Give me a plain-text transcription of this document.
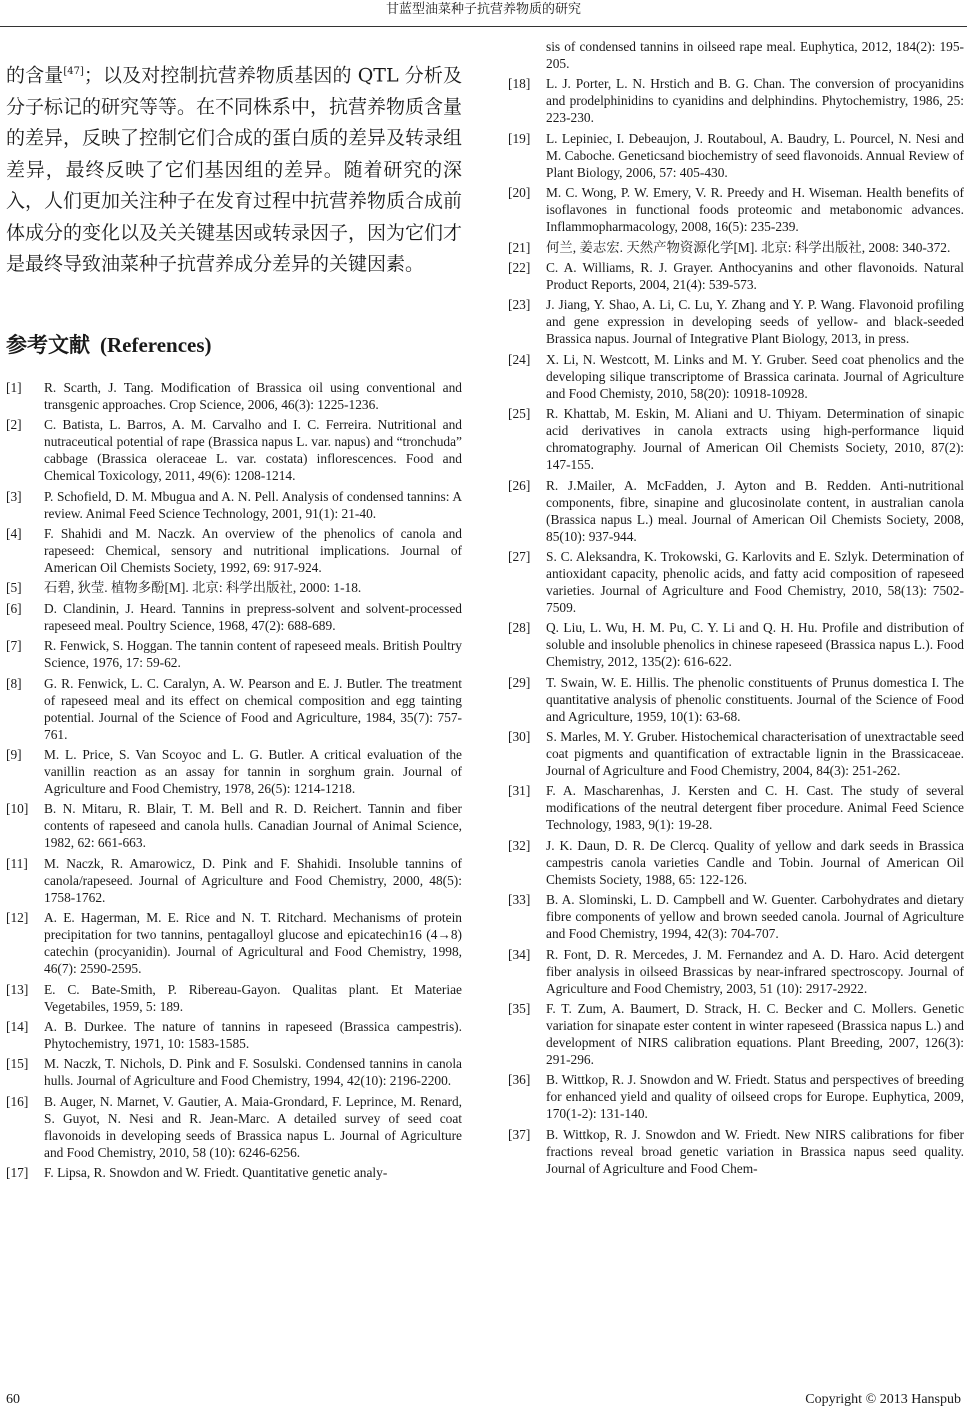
甘蓝型油菜种子抗营养物质的研究

的含量[47]；以及对控制抗营养物质基因的 QTL 分析及分子标记的研究等等。在不同株系中，抗营养物质含量的差异，反映了控制它们合成的蛋白质的差异及转录组差异，最终反映了它们基因组的差异。随着研究的深入，人们更加关注种子在发育过程中抗营养物质合成前体成分的变化以及关关键基因或转录因子，因为它们才是最终导致油菜种子抗营养成分差异的关键因素。

参考文献 (References)
[1]	R. Scarth, J. Tang. Modification of Brassica oil using conventional and transgenic approaches. Crop Science, 2006, 46(3): 1225-1236.
[2]	C. Batista, L. Barros, A. M. Carvalho and I. C. Ferreira. Nutritional and nutraceutical potential of rape (Brassica napus L. var. napus) and “tronchuda” cabbage (Brassica oleraceae L. var. costata) inflorescences. Food and Chemical Toxicology, 2011, 49(6): 1208-1214.
[3]	P. Schofield, D. M. Mbugua and A. N. Pell. Analysis of condensed tannins: A review. Animal Feed Science Technology, 2001, 91(1): 21-40.
[4]	F. Shahidi and M. Naczk. An overview of the phenolics of canola and rapeseed: Chemical, sensory and nutritional implications. Journal of American Oil Chemists Society, 1992, 69: 917-924.
[5]	石碧, 狄莹. 植物多酚[M]. 北京: 科学出版社, 2000: 1-18.
[6]	D. Clandinin, J. Heard. Tannins in prepress-solvent and solvent-processed rapeseed meal. Poultry Science, 1968, 47(2): 688-689.
[7]	R. Fenwick, S. Hoggan. The tannin content of rapeseed meals. British Poultry Science, 1976, 17: 59-62.
[8]	G. R. Fenwick, L. C. Caralyn, A. W. Pearson and E. J. Butler. The treatment of rapeseed meal and its effect on chemical composition and egg tainting potential. Journal of the Science of Food and Agriculture, 1984, 35(7): 757-761.
[9]	M. L. Price, S. Van Scoyoc and L. G. Butler. A critical evaluation of the vanillin reaction as an assay for tannin in sorghum grain. Journal of Agriculture and Food Chemistry, 1978, 26(5): 1214-1218.
[10]	B. N. Mitaru, R. Blair, T. M. Bell and R. D. Reichert. Tannin and fiber contents of rapeseed and canola hulls. Canadian Journal of Animal Science, 1982, 62: 661-663.
[11]	M. Naczk, R. Amarowicz, D. Pink and F. Shahidi. Insoluble tannins of canola/rapeseed. Journal of Agriculture and Food Chemistry, 2000, 48(5): 1758-1762.
[12]	A. E. Hagerman, M. E. Rice and N. T. Ritchard. Mechanisms of protein precipitation for two tannins, pentagalloyl glucose and epicatechin16 (4→8) catechin (procyanidin). Journal of Agricultural and Food Chemistry, 1998, 46(7): 2590-2595.
[13]	E. C. Bate-Smith, P. Ribereau-Gayon. Qualitas plant. Et Materiae Vegetabiles, 1959, 5: 189.
[14]	A. B. Durkee. The nature of tannins in rapeseed (Brassica campestris). Phytochemistry, 1971, 10: 1583-1585.
[15]	M. Naczk, T. Nichols, D. Pink and F. Sosulski. Condensed tannins in canola hulls. Journal of Agriculture and Food Chemistry, 1994, 42(10): 2196-2200.
[16]	B. Auger, N. Marnet, V. Gautier, A. Maia-Grondard, F. Leprince, M. Renard, S. Guyot, N. Nesi and R. Jean-Marc. A detailed survey of seed coat flavonoids in developing seeds of Brassica napus L. Journal of Agriculture and Food Chemistry, 2010, 58 (10): 6246-6256.
[17]	F. Lipsa, R. Snowdon and W. Friedt. Quantitative genetic analy-
sis of condensed tannins in oilseed rape meal. Euphytica, 2012, 184(2): 195-205.
[18]	L. J. Porter, L. N. Hrstich and B. G. Chan. The conversion of procyanidins and prodelphinidins to cyanidins and delphindins. Phytochemistry, 1986, 25: 223-230.
[19]	L. Lepiniec, I. Debeaujon, J. Routaboul, A. Baudry, L. Pourcel, N. Nesi and M. Caboche. Geneticsand biochemistry of seed flavonoids. Annual Review of Plant Biology, 2006, 57: 405-430.
[20]	M. C. Wong, P. W. Emery, V. R. Preedy and H. Wiseman. Health benefits of isoflavones in functional foods proteomic and metabonomic advances. Inflammopharmacology, 2008, 16(5): 235-239.
[21]	何兰, 姜志宏. 天然产物资源化学[M]. 北京: 科学出版社, 2008: 340-372.
[22]	C. A. Williams, R. J. Grayer. Anthocyanins and other flavonoids. Natural Product Reports, 2004, 21(4): 539-573.
[23]	J. Jiang, Y. Shao, A. Li, C. Lu, Y. Zhang and Y. P. Wang. Flavonoid profiling and gene expression in developing seeds of yellow- and black-seeded Brassica napus. Journal of Integrative Plant Biology, 2013, in press.
[24]	X. Li, N. Westcott, M. Links and M. Y. Gruber. Seed coat phenolics and the developing silique transcriptome of Brassica carinata. Journal of Agriculture and Food Chemisty, 2010, 58(20): 10918-10928.
[25]	R. Khattab, M. Eskin, M. Aliani and U. Thiyam. Determination of sinapic acid derivatives in canola extracts using high-performance liquid chromatography. Journal of American Oil Chemists Society, 2010, 87(2): 147-155.
[26]	R. J.Mailer, A. McFadden, J. Ayton and B. Redden. Anti-nutritional components, fibre, sinapine and glucosinolate content, in australian canola (Brassica napus L.) meal. Journal of American Oil Chemists Society, 2008, 85(10): 937-944.
[27]	S. C. Aleksandra, K. Trokowski, G. Karlovits and E. Szlyk. Determination of antioxidant capacity, phenolic acids, and fatty acid composition of rapeseed varieties. Journal of Agriculture and Food Chemistry, 2010, 58(13): 7502-7509.
[28]	Q. Liu, L. Wu, H. M. Pu, C. Y. Li and Q. H. Hu. Profile and distribution of soluble and insoluble phenolics in chinese rapeseed (Brassica napus L.). Food Chemistry, 2012, 135(2): 616-622.
[29]	T. Swain, W. E. Hillis. The phenolic constituents of Prunus domestica I. The quantitative analysis of phenolic constituents. Journal of the Science of Food and Agriculture, 1959, 10(1): 63-68.
[30]	S. Marles, M. Y. Gruber. Histochemical characterisation of unextractable seed coat pigments and quantification of extractable lignin in the Brassicaceae. Journal of Agriculture and Food Chemistry, 2004, 84(3): 251-262.
[31]	F. A. Mascharenhas, J. Kersten and C. H. Cast. The study of several modifications of the neutral detergent fiber procedure. Animal Feed Science Technology, 1983, 9(1): 19-28.
[32]	J. K. Daun, D. R. De Clercq. Quality of yellow and dark seeds in Brassica campestris canola varieties Candle and Tobin. Journal of American Oil Chemists Society, 1988, 65: 122-126.
[33]	B. A. Slominski, L. D. Campbell and W. Guenter. Carbohydrates and dietary fibre components of yellow and brown seeded canola. Journal of Agriculture and Food Chemistry, 1994, 42(3): 704-707.
[34]	R. Font, D. R. Mercedes, J. M. Fernandez and A. D. Haro. Acid detergent fiber analysis in oilseed Brassicas by near-infrared spectroscopy. Journal of Agriculture and Food Chemistry, 2003, 51 (10): 2917-2922.
[35]	F. T. Zum, A. Baumert, D. Strack, H. C. Becker and C. Mollers. Genetic variation for sinapate ester content in winter rapeseed (Brassica napus L.) and development of NIRS calibration equations. Plant Breeding, 2007, 126(3): 291-296.
[36]	B. Wittkop, R. J. Snowdon and W. Friedt. Status and perspectives of breeding for enhanced yield and quality of oilseed crops for Europe. Euphytica, 2009, 170(1-2): 131-140.
[37]	B. Wittkop, R. J. Snowdon and W. Friedt. New NIRS calibrations for fiber fractions reveal broad genetic variation in Brassica napus seed quality. Journal of Agriculture and Food Chem-
60	Copyright © 2013 Hanspub
